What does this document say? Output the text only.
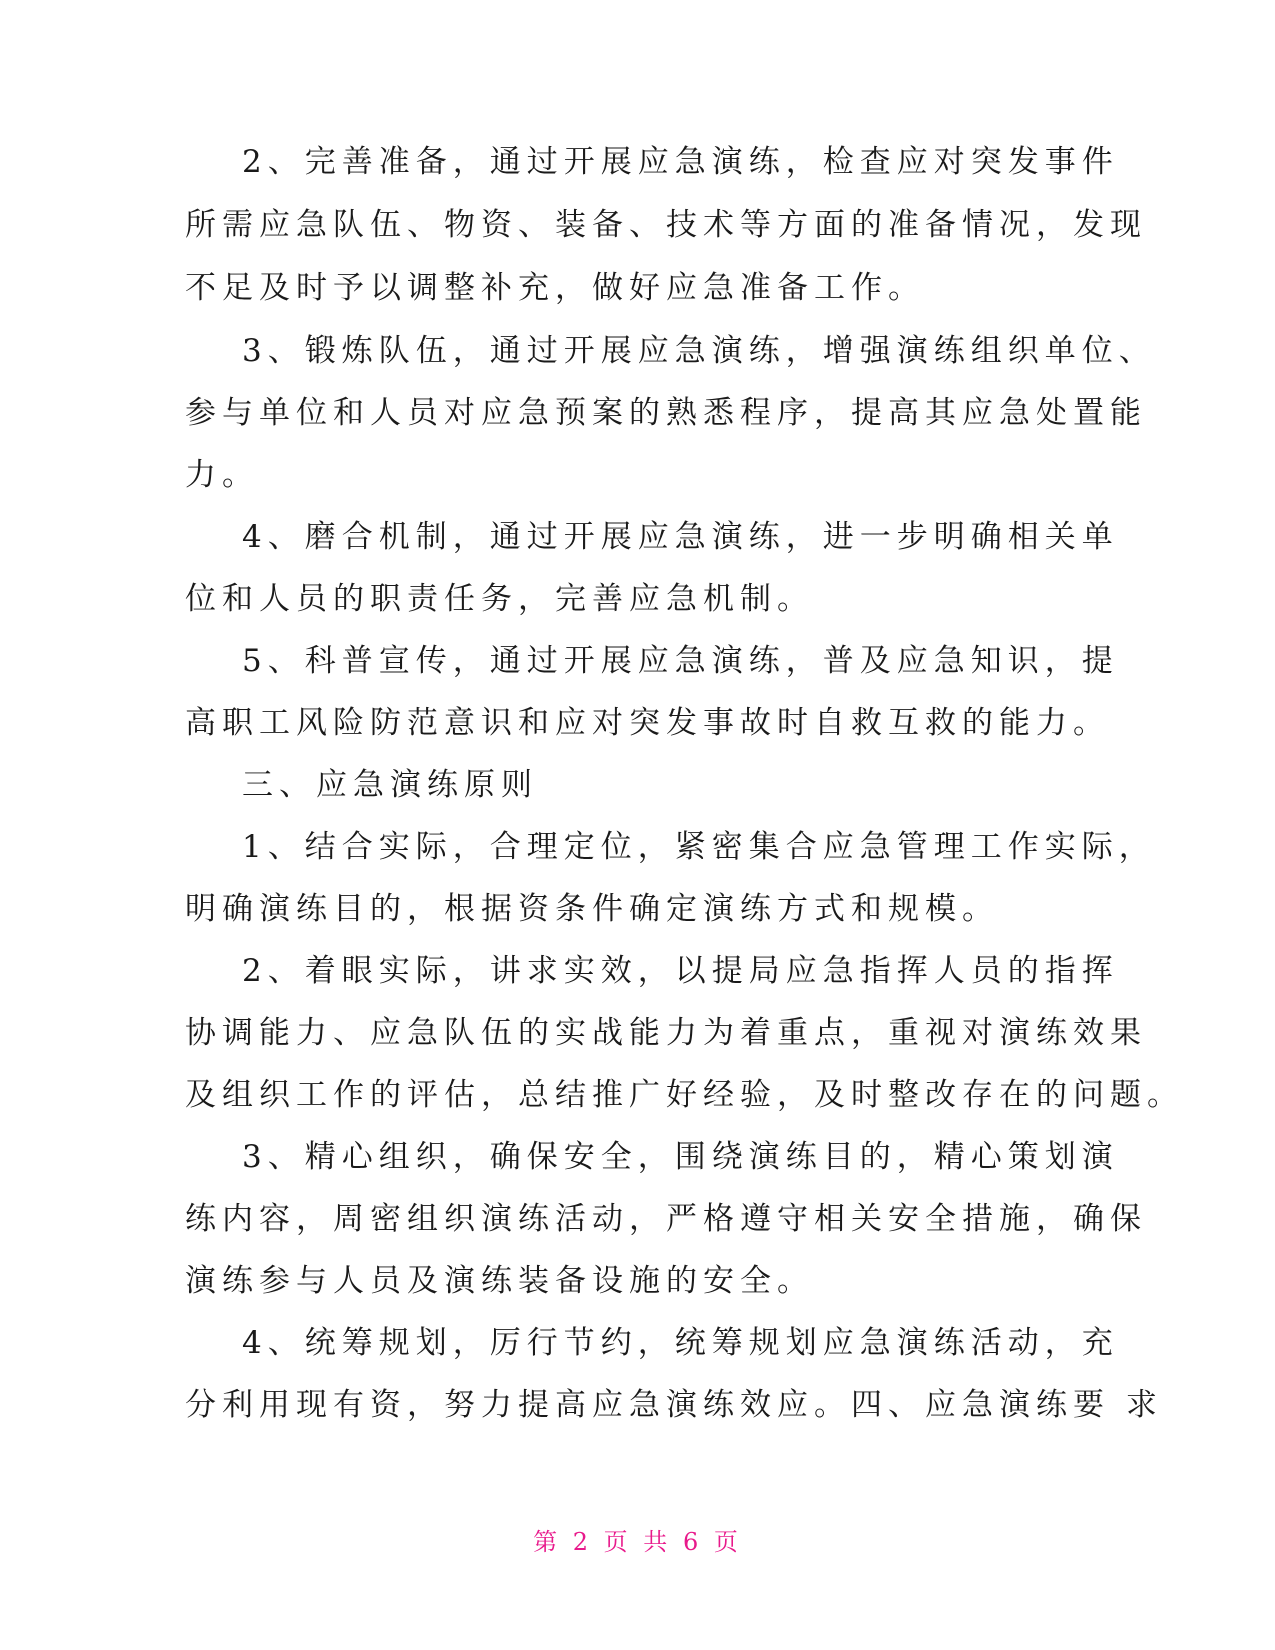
2、完善准备，通过开展应急演练，检查应对突发事件
所需应急队伍、物资、装备、技术等方面的准备情况，发现
不足及时予以调整补充，做好应急准备工作。
3、锻炼队伍，通过开展应急演练，增强演练组织单位、
参与单位和人员对应急预案的熟悉程序，提高其应急处置能
力。
4、磨合机制，通过开展应急演练，进一步明确相关单
位和人员的职责任务，完善应急机制。
5、科普宣传，通过开展应急演练，普及应急知识，提
高职工风险防范意识和应对突发事故时自救互救的能力。
三、应急演练原则
1、结合实际，合理定位，紧密集合应急管理工作实际，
明确演练目的，根据资条件确定演练方式和规模。
2、着眼实际，讲求实效，以提局应急指挥人员的指挥
协调能力、应急队伍的实战能力为着重点，重视对演练效果
及组织工作的评估，总结推广好经验，及时整改存在的问题。
3、精心组织，确保安全，围绕演练目的，精心策划演
练内容，周密组织演练活动，严格遵守相关安全措施，确保
演练参与人员及演练装备设施的安全。
4、统筹规划，厉行节约，统筹规划应急演练活动，充
分利用现有资，努力提高应急演练效应。四、应急演练要 求
第 2 页 共 6 页
